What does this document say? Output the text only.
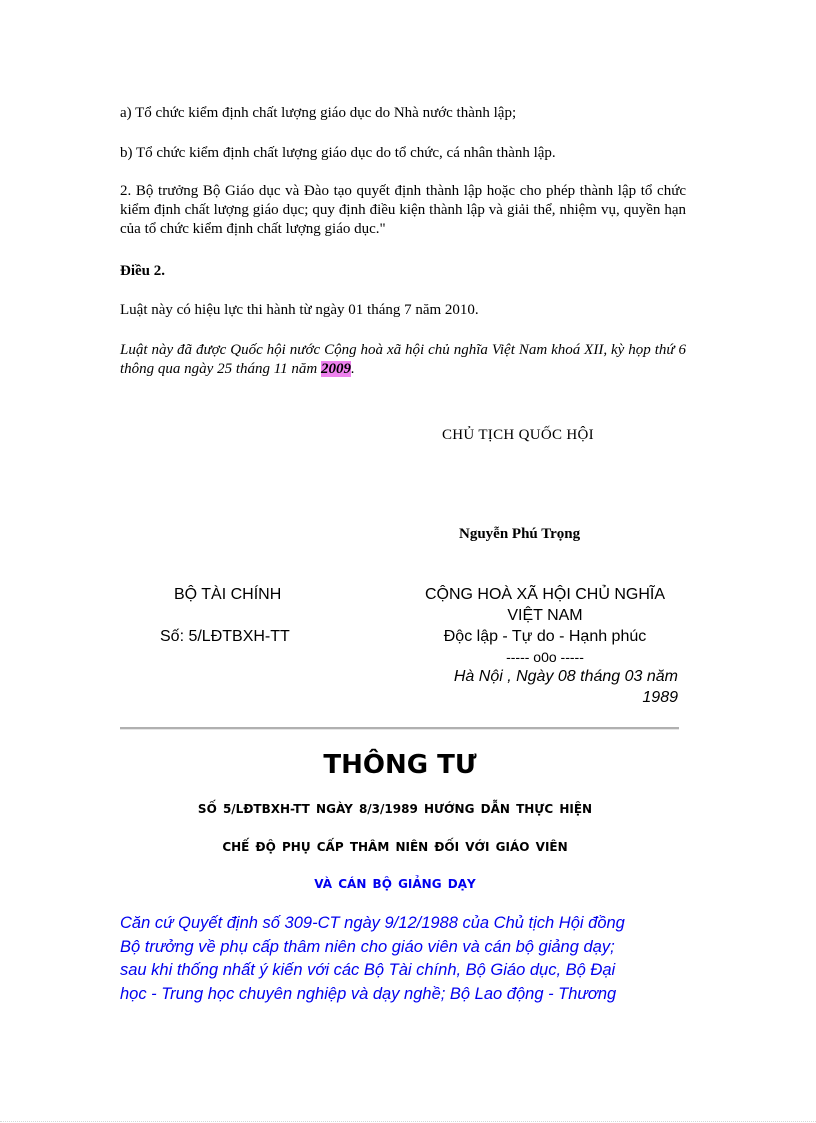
a) Tổ chức kiểm định chất lượng giáo dục do Nhà nước thành lập;
b) Tổ chức kiểm định chất lượng giáo dục do tổ chức, cá nhân thành lập.
2. Bộ trưởng Bộ Giáo dục và Đào tạo quyết định thành lập hoặc cho phép thành lập tổ chức kiểm định chất lượng giáo dục; quy định điều kiện thành lập và giải thể, nhiệm vụ, quyền hạn của tổ chức kiểm định chất lượng giáo dục."
Điều 2.
Luật này có hiệu lực thi hành từ ngày 01 tháng 7 năm 2010.
Luật này đã được Quốc hội nước Cộng hoà xã hội chủ nghĩa Việt Nam khoá XII, kỳ họp thứ 6 thông qua ngày 25 tháng 11 năm 2009.
CHỦ TỊCH QUỐC HỘI
Nguyễn Phú Trọng
BỘ TÀI CHÍNH
Số: 5/LĐTBXH-TT
CỘNG HOÀ XÃ HỘI CHỦ NGHĨA
VIỆT NAM
Độc lập - Tự do - Hạnh phúc
----- o0o -----
Hà Nội , Ngày 08 tháng 03 năm
1989
THÔNG TƯ
SỐ 5/LĐTBXH-TT NGÀY 8/3/1989 HƯỚNG DẪN THỰC HIỆN
CHẾ ĐỘ PHỤ CẤP THÂM NIÊN ĐỐI VỚI GIÁO VIÊN
VÀ CÁN BỘ GIẢNG DẠY
Căn cứ Quyết định số 309-CT ngày 9/12/1988 của Chủ tịch Hội đồng
Bộ trưởng về phụ cấp thâm niên cho giáo viên và cán bộ giảng dạy;
sau khi thống nhất ý kiến với các Bộ Tài chính, Bộ Giáo dục, Bộ Đại
học - Trung học chuyên nghiệp và dạy nghề; Bộ Lao động - Thương
